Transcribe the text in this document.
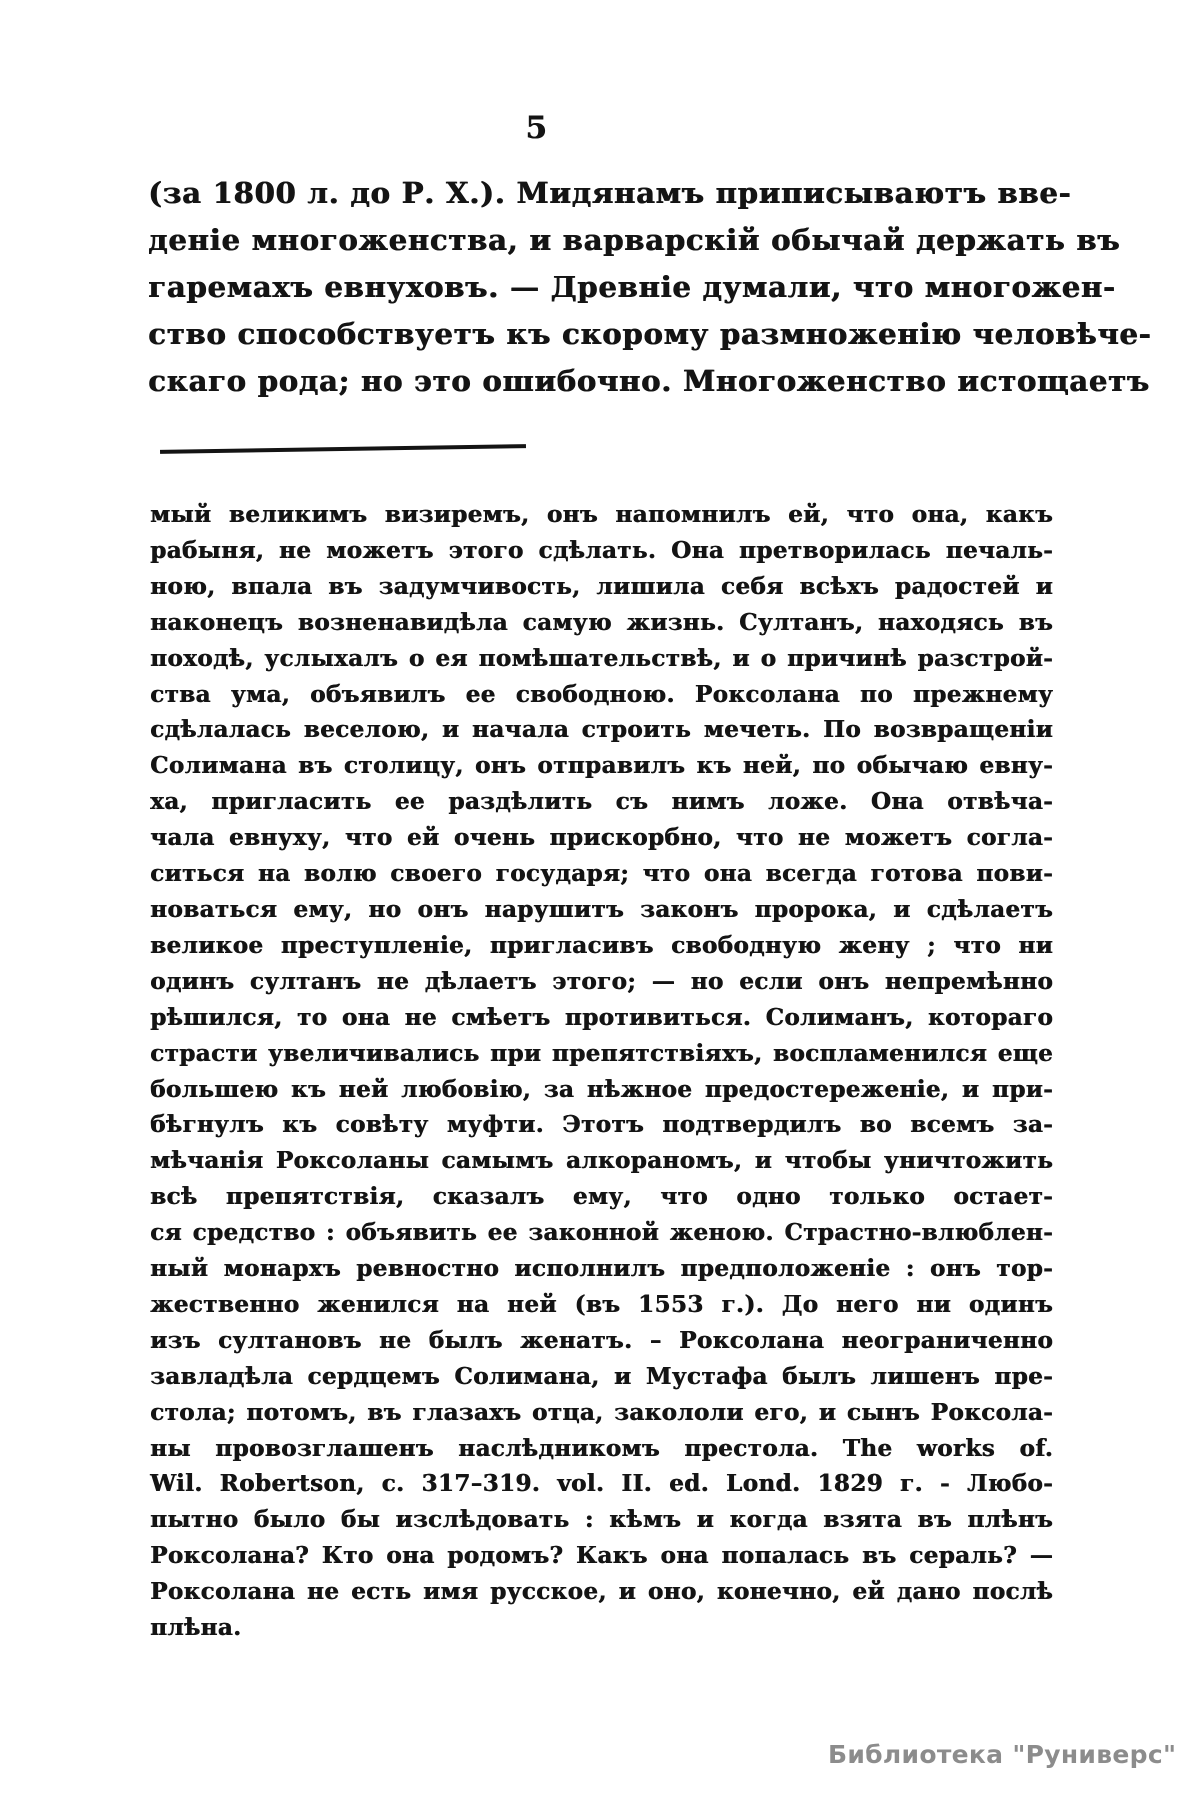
5
(за 1800 л. до Р. Х.). Мидянамъ приписываютъ вве-
деніе многоженства, и варварскій обычай держать въ
гаремахъ евнуховъ. — Древніе думали, что многожен-
ство способствуетъ къ скорому размноженію человѣче-
скаго рода; но это ошибочно. Многоженство истощаетъ
мый великимъ визиремъ, онъ напомнилъ ей, что она, какъ
рабыня, не можетъ этого сдѣлать. Она претворилась печаль-
ною, впала въ задумчивость, лишила себя всѣхъ радостей и
наконецъ возненавидѣла самую жизнь. Султанъ, находясь въ
походѣ, услыхалъ о ея помѣшательствѣ, и о причинѣ разстрой-
ства ума, объявилъ ее свободною. Роксолана по прежнему
сдѣлалась веселою, и начала строить мечеть. По возвращеніи
Солимана въ столицу, онъ отправилъ къ ней, по обычаю евну-
ха, пригласить ее раздѣлить съ нимъ ложе. Она отвѣча-
чала евнуху, что ей очень прискорбно, что не можетъ согла-
ситься на волю своего государя; что она всегда готова пови-
новаться ему, но онъ нарушитъ законъ пророка, и сдѣлаетъ
великое преступленіе, пригласивъ свободную жену ; что ни
одинъ султанъ не дѣлаетъ этого; — но если онъ непремѣнно
рѣшился, то она не смѣетъ противиться. Солиманъ, котораго
страсти увеличивались при препятствіяхъ, воспламенился еще
большею къ ней любовію, за нѣжное предостереженіе, и при-
бѣгнулъ къ совѣту муфти. Этотъ подтвердилъ во всемъ за-
мѣчанія Роксоланы самымъ алкораномъ, и чтобы уничтожить
всѣ препятствія, сказалъ ему, что одно только остает-
ся средство : объявить ее законной женою. Страстно-влюблен-
ный монархъ ревностно исполнилъ предположеніе : онъ тор-
жественно женился на ней (въ 1553 г.). До него ни одинъ
изъ султановъ не былъ женатъ. – Роксолана неограниченно
завладѣла сердцемъ Солимана, и Мустафа былъ лишенъ пре-
стола; потомъ, въ глазахъ отца, закололи его, и сынъ Роксола-
ны провозглашенъ наслѣдникомъ престола. The works of.
Wil. Robertson, c. 317–319. vol. II. ed. Lond. 1829 г. - Любо-
пытно было бы изслѣдовать : кѣмъ и когда взята въ плѣнъ
Роксолана? Кто она родомъ? Какъ она попалась въ сераль? —
Роксолана не есть имя русское, и оно, конечно, ей дано послѣ
плѣна.
Библиотека "Руниверс"
